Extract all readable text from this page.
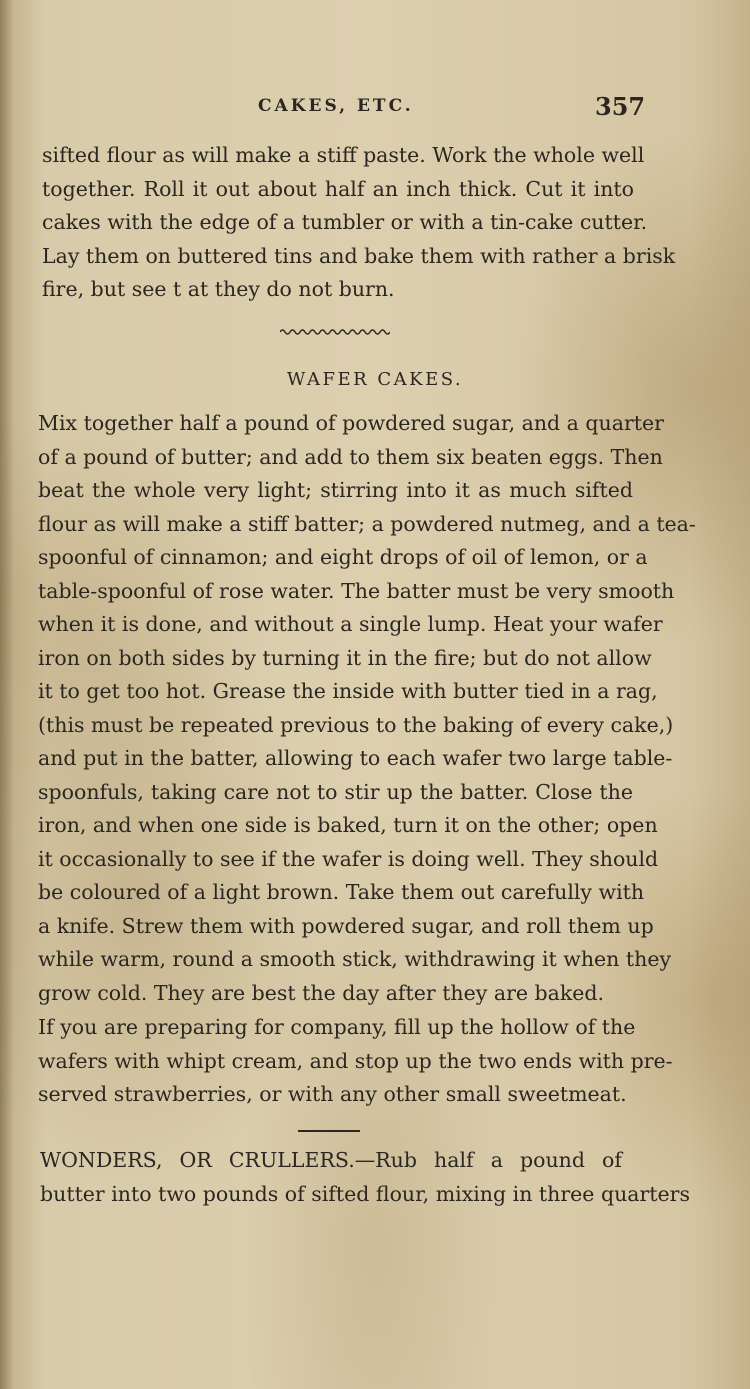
CAKES, ETC.	357
sifted flour as will make a stiff paste. Work the whole well
together. Roll it out about half an inch thick. Cut it into
cakes with the edge of a tumbler or with a tin-cake cutter.
Lay them on buttered tins and bake them with rather a brisk
fire, but see t at they do not burn.
WAFER CAKES.
Mix together half a pound of powdered sugar, and a quarter
of a pound of butter; and add to them six beaten eggs. Then
beat the whole very light; stirring into it as much sifted
flour as will make a stiff batter; a powdered nutmeg, and a tea-
spoonful of cinnamon; and eight drops of oil of lemon, or a
table-spoonful of rose water. The batter must be very smooth
when it is done, and without a single lump. Heat your wafer
iron on both sides by turning it in the fire; but do not allow
it to get too hot. Grease the inside with butter tied in a rag,
(this must be repeated previous to the baking of every cake,)
and put in the batter, allowing to each wafer two large table-
spoonfuls, taking care not to stir up the batter. Close the
iron, and when one side is baked, turn it on the other; open
it occasionally to see if the wafer is doing well. They should
be coloured of a light brown. Take them out carefully with
a knife. Strew them with powdered sugar, and roll them up
while warm, round a smooth stick, withdrawing it when they
grow cold. They are best the day after they are baked.
If you are preparing for company, fill up the hollow of the
wafers with whipt cream, and stop up the two ends with pre-
served strawberries, or with any other small sweetmeat.
WONDERS, OR CRULLERS.—Rub half a pound of
butter into two pounds of sifted flour, mixing in three quarters
